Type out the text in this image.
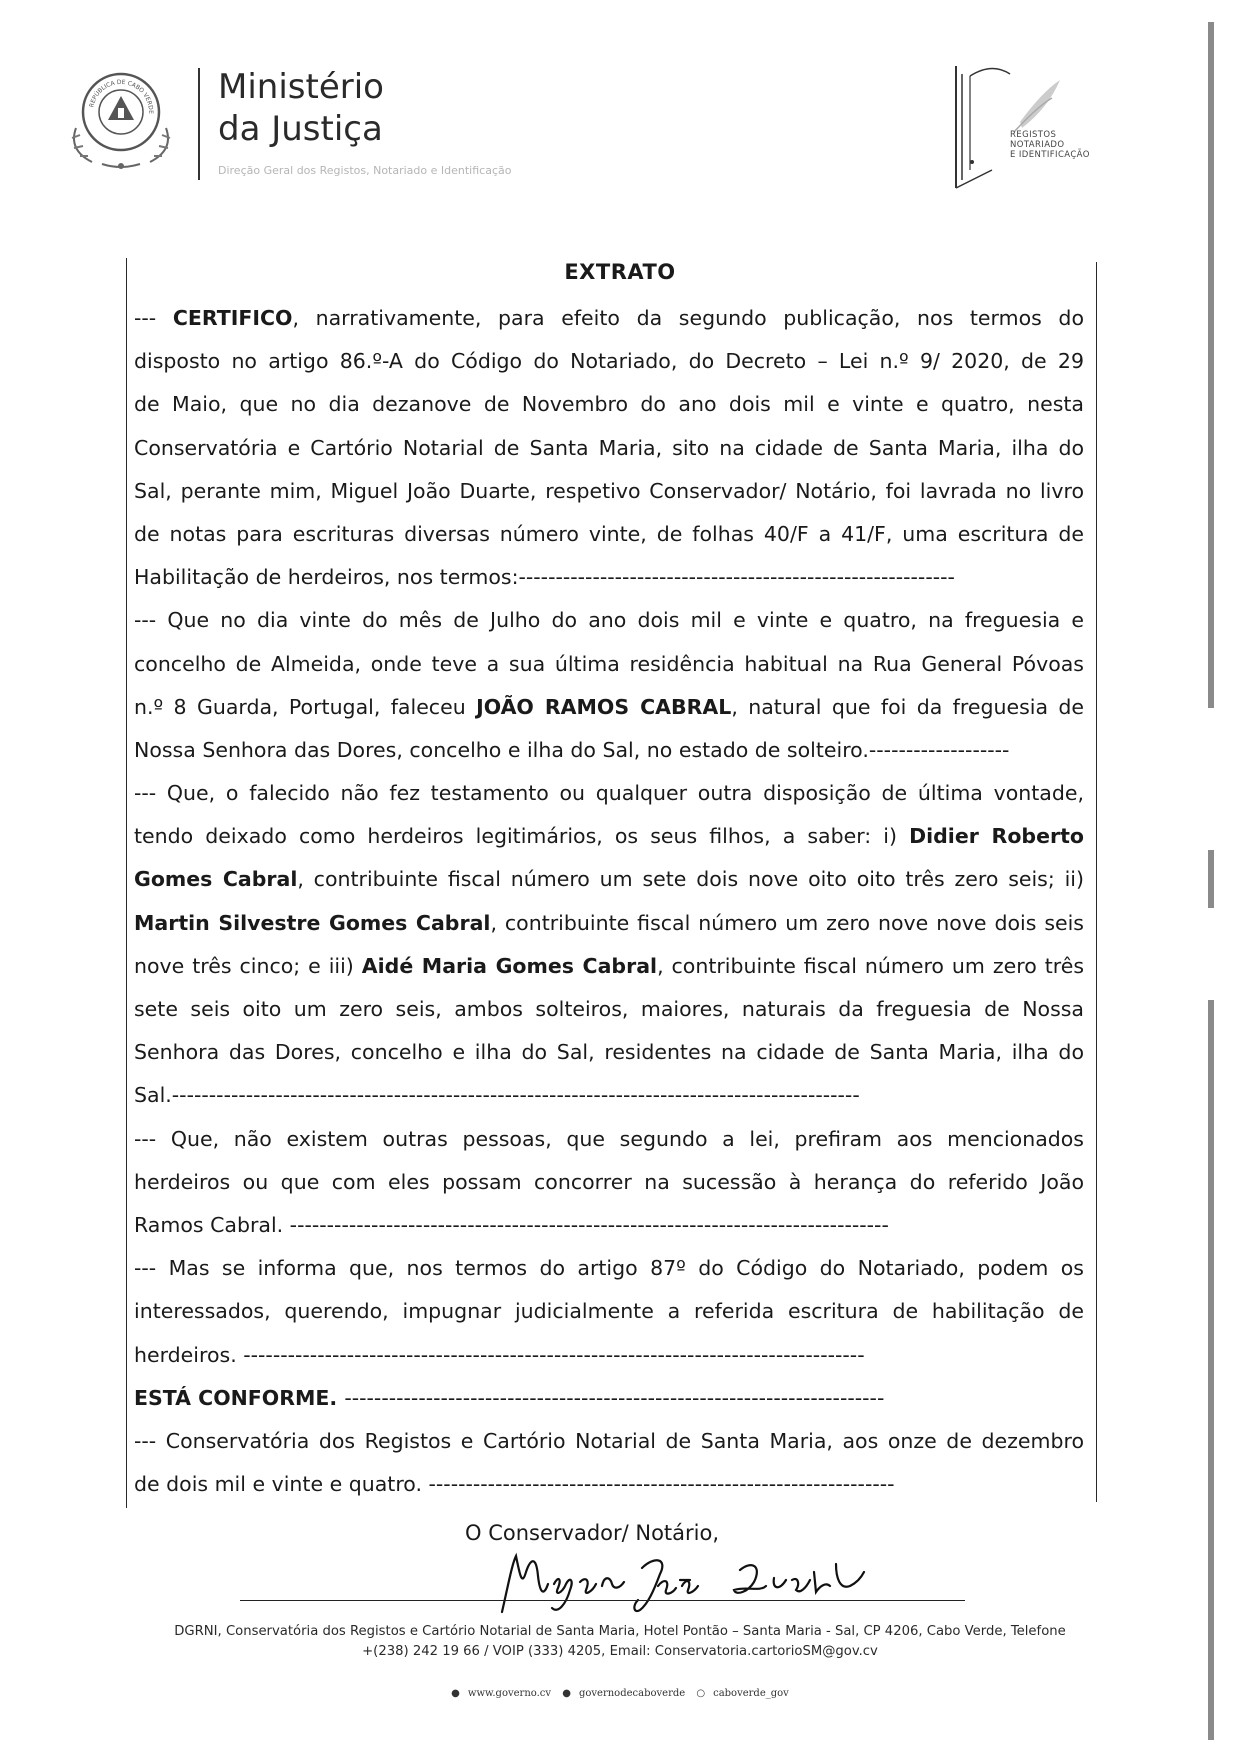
REPÚBLICA DE CABO VERDE
Ministério
da Justiça
Direção Geral dos Registos, Notariado e Identificação
REGISTOS
NOTARIADO
E IDENTIFICAÇÃO
EXTRATO
--- CERTIFICO, narrativamente, para efeito da segundo publicação, nos termos do
disposto no artigo 86.º-A do Código do Notariado, do Decreto – Lei n.º 9/ 2020, de 29
de Maio, que no dia dezanove de Novembro do ano dois mil e vinte e quatro, nesta
Conservatória e Cartório Notarial de Santa Maria, sito na cidade de Santa Maria, ilha do
Sal, perante mim, Miguel João Duarte, respetivo Conservador/ Notário, foi lavrada no livro
de notas para escrituras diversas número vinte, de folhas 40/F a 41/F, uma escritura de
Habilitação de herdeiros, nos termos:-----------------------------------------------------------
--- Que no dia vinte do mês de Julho do ano dois mil e vinte e quatro, na freguesia e
concelho de Almeida, onde teve a sua última residência habitual na Rua General Póvoas
n.º 8 Guarda, Portugal, faleceu JOÃO RAMOS CABRAL, natural que foi da freguesia de
Nossa Senhora das Dores, concelho e ilha do Sal, no estado de solteiro.-------------------
--- Que, o falecido não fez testamento ou qualquer outra disposição de última vontade,
tendo deixado como herdeiros legitimários, os seus filhos, a saber: i) Didier Roberto
Gomes Cabral, contribuinte fiscal número um sete dois nove oito oito três zero seis; ii)
Martin Silvestre Gomes Cabral, contribuinte fiscal número um zero nove nove dois seis
nove três cinco; e iii) Aidé Maria Gomes Cabral, contribuinte fiscal número um zero três
sete seis oito um zero seis, ambos solteiros, maiores, naturais da freguesia de Nossa
Senhora das Dores, concelho e ilha do Sal, residentes na cidade de Santa Maria, ilha do
Sal.---------------------------------------------------------------------------------------------
--- Que, não existem outras pessoas, que segundo a lei, prefiram aos mencionados
herdeiros ou que com eles possam concorrer na sucessão à herança do referido João
Ramos Cabral. ---------------------------------------------------------------------------------
--- Mas se informa que, nos termos do artigo 87º do Código do Notariado, podem os
interessados, querendo, impugnar judicialmente a referida escritura de habilitação de
herdeiros. ------------------------------------------------------------------------------------
ESTÁ CONFORME. -------------------------------------------------------------------------
--- Conservatória dos Registos e Cartório Notarial de Santa Maria, aos onze de dezembro
de dois mil e vinte e quatro. ---------------------------------------------------------------
O Conservador/ Notário,
DGRNI, Conservatória dos Registos e Cartório Notarial de Santa Maria, Hotel Pontão – Santa Maria - Sal, CP 4206, Cabo Verde, Telefone
+(238) 242 19 66 / VOIP (333) 4205, Email: Conservatoria.cartorioSM@gov.cv
● www.governo.cv ● governodecaboverde ○ caboverde_gov
